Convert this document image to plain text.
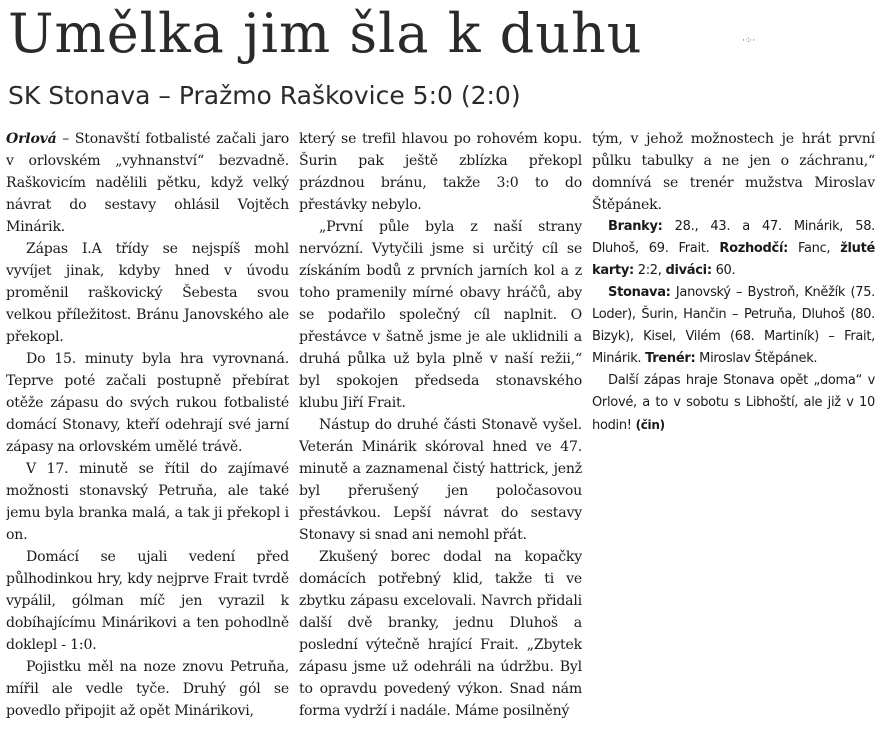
Umělka jim šla k duhu	·⁘·
SK Stonava – Pražmo Raškovice 5:0 (2:0)

Orlová – Stonavští fotbalisté začali jaro v orlovském „vyhnanství“ bezvadně. Raškovicím nadělili pětku, když velký návrat do sestavy ohlásil Vojtěch Minárik.

Zápas I.A třídy se nejspíš mohl vyvíjet jinak, kdyby hned v úvodu proměnil raškovický Šebesta svou velkou příležitost. Bránu Janovského ale překopl.

Do 15. minuty byla hra vyrovnaná. Teprve poté začali postupně přebírat otěže zápasu do svých rukou fotbalisté domácí Stonavy, kteří odehrají své jarní zápasy na orlovském umělé trávě.

V 17. minutě se řítil do zajímavé možnosti stonavský Petruňa, ale také jemu byla branka malá, a tak ji překopl i on.

Domácí se ujali vedení před půlhodinkou hry, kdy nejprve Frait tvrdě vypálil, gólman míč jen vyrazil k dobíhajícímu Minárikovi a ten pohodlně doklepl - 1:0.

Pojistku měl na noze znovu Petruňa, mířil ale vedle tyče. Druhý gól se povedlo připojit až opět Minárikovi,

který se trefil hlavou po rohovém kopu. Šurin pak ještě zblízka překopl prázdnou bránu, takže 3:0 to do přestávky nebylo.

„První půle byla z naší strany nervózní. Vytyčili jsme si určitý cíl se získáním bodů z prvních jarních kol a z toho pramenily mírné obavy hráčů, aby se podařilo společný cíl naplnit. O přestávce v šatně jsme je ale uklidnili a druhá půlka už byla plně v naší režii,“ byl spokojen předseda stonavského klubu Jiří Frait.

Nástup do druhé části Stonavě vyšel. Veterán Minárik skóroval hned ve 47. minutě a zaznamenal čistý hattrick, jenž byl přerušený jen poločasovou přestávkou. Lepší návrat do sestavy Stonavy si snad ani nemohl přát.

Zkušený borec dodal na kopačky domácích potřebný klid, takže ti ve zbytku zápasu excelovali. Navrch přidali další dvě branky, jednu Dluhoš a poslední výtečně hrající Frait. „Zbytek zápasu jsme už odehráli na údržbu. Byl to opravdu povedený výkon. Snad nám forma vydrží i nadále. Máme posilněný

tým, v jehož možnostech je hrát první půlku tabulky a ne jen o záchranu,“ domnívá se trenér mužstva Miroslav Štěpánek.

Branky: 28., 43. a 47. Minárik, 58. Dluhoš, 69. Frait. Rozhodčí: Fanc, žluté karty: 2:2, diváci: 60.

Stonava: Janovský – Bystroň, Kněžík (75. Loder), Šurin, Hančin – Petruňa, Dluhoš (80. Bizyk), Kisel, Vilém (68. Martiník) – Frait, Minárik. Trenér: Miroslav Štěpánek.

Další zápas hraje Stonava opět „doma“ v Orlové, a to v sobotu s Libhoští, ale již v 10 hodin! (čin)
